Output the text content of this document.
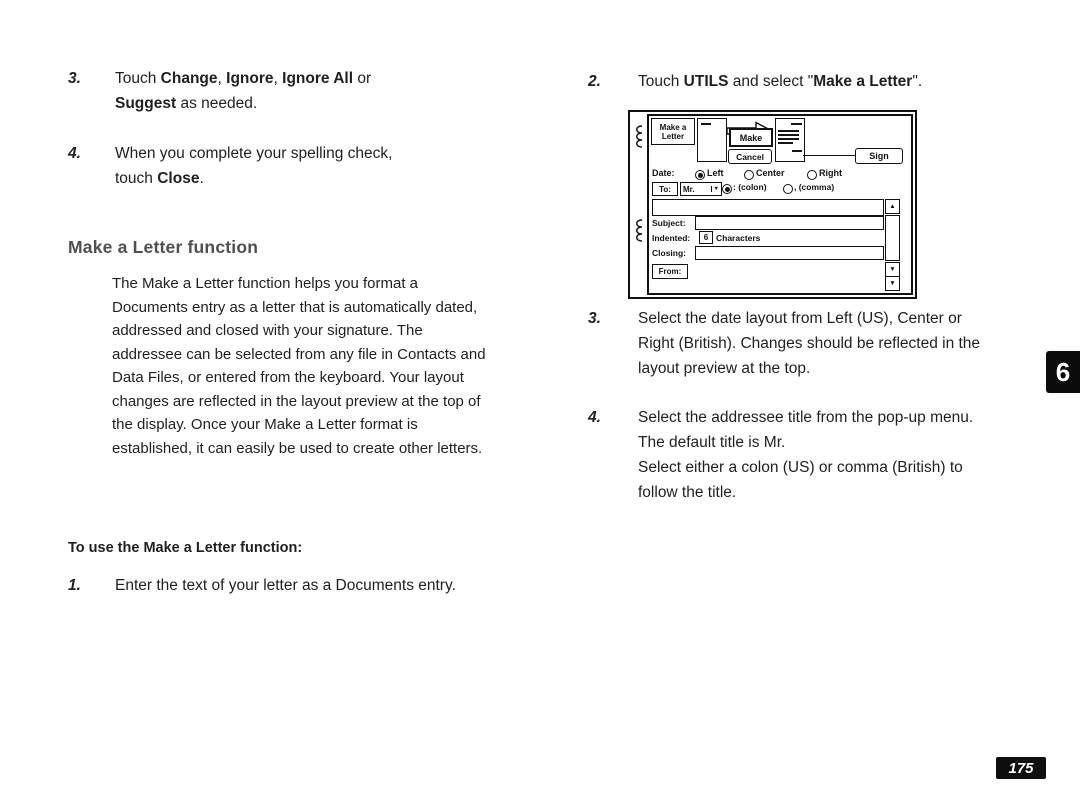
3.	Touch Change, Ignore, Ignore All or
Suggest as needed.
4.	When you complete your spelling check,
touch Close.
Make a Letter function
The Make a Letter function helps you format a Documents entry as a letter that is automatically dated, addressed and closed with your signature. The addressee can be selected from any file in Contacts and Data Files, or entered from the keyboard. Your layout changes are reflected in the layout preview at the top of the display. Once your Make a Letter format is established, it can easily be used to create other letters.
To use the Make a Letter function:
1.	Enter the text of your letter as a Documents entry.
2.	Touch UTILS and select "Make a Letter".
Make a
Letter	Make
Cancel	Sign
Date:	Left	Center	Right
To:	Mr.	▼ : (colon)	, (comma)
▲
Subject:
Indented:	6 Characters
Closing:
From:	▼
▼
3.	Select the date layout from Left (US), Center or Right (British). Changes should be reflected in the layout preview at the top.
4.	Select the addressee title from the pop-up menu. The default title is Mr.
Select either a colon (US) or comma (British) to follow the title.
6
175
